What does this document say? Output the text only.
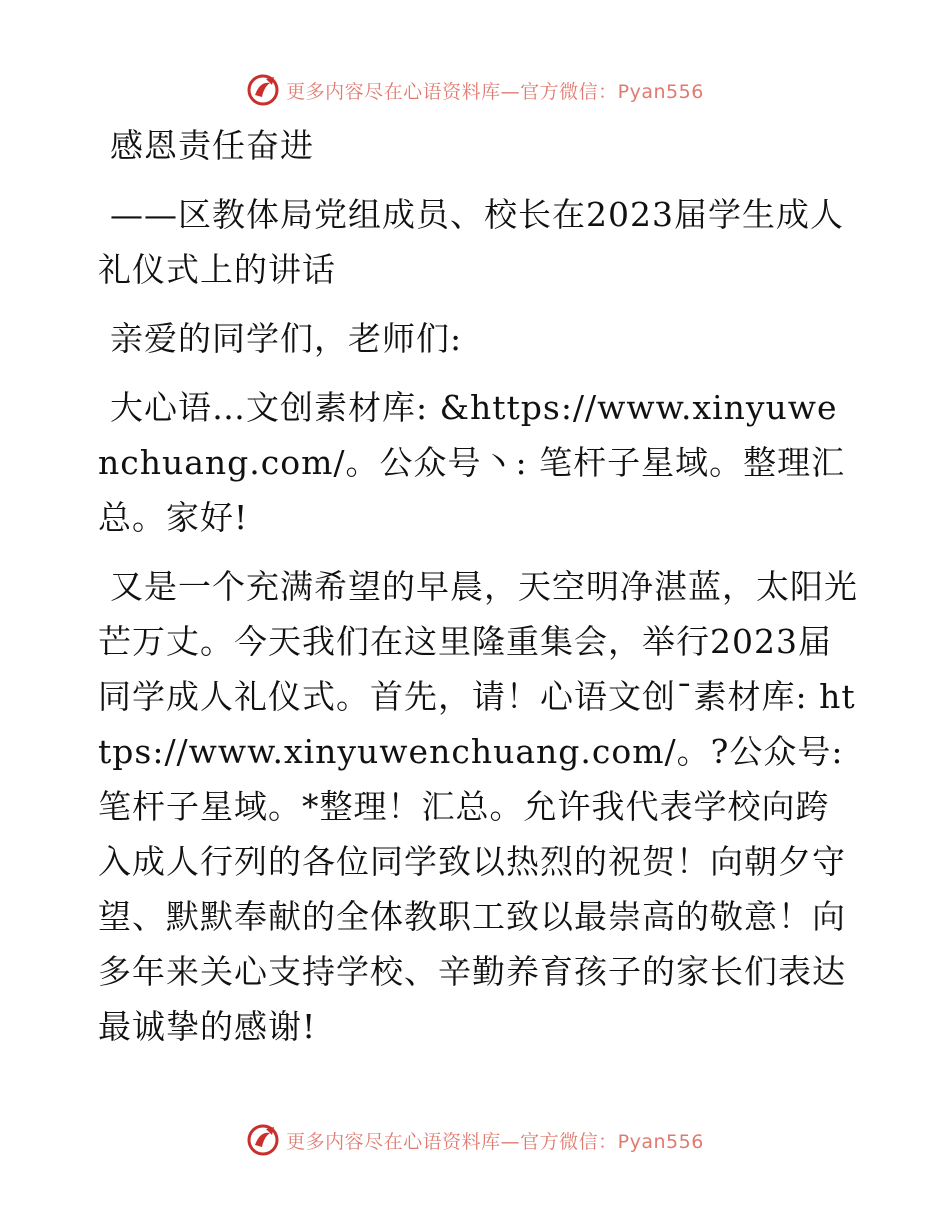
更多内容尽在心语资料库—官方微信：Pyan556

感恩责任奋进

——区教体局党组成员、校长在2023届学生成人礼仪式上的讲话

亲爱的同学们，老师们:

大心语…文创素材库: &https://www.xinyuwenchuang.com/。公众号丶: 笔杆子星域。整理汇总。家好!

又是一个充满希望的早晨，天空明净湛蓝，太阳光芒万丈。今天我们在这里隆重集会，举行2023届同学成人礼仪式。首先，请！心语文创¯素材库: https://www.xinyuwenchuang.com/。?公众号: 笔杆子星域。*整理！汇总。允许我代表学校向跨入成人行列的各位同学致以热烈的祝贺！向朝夕守望、默默奉献的全体教职工致以最崇高的敬意！向多年来关心支持学校、辛勤养育孩子的家长们表达最诚挚的感谢!

更多内容尽在心语资料库—官方微信：Pyan556
